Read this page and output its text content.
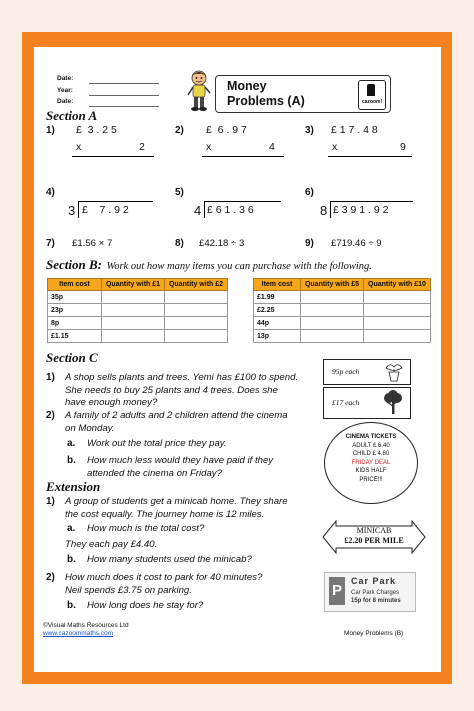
Date:
Year:
Date:
Money
Problems (A)	cazoom!
Section A
1) £  3 . 2 5
x	2
2) £  6 . 9 7
x	4
3) £ 1 7 . 4 8
x	9
4)
3 £    7 . 9 2
5)
4 £ 6 1 . 3 6
6)
8 £ 3 9 1 . 9 2
7) £1.56 × 7	8) £42.18 ÷ 3	9) £719.46 ÷ 9
Section B: Work out how many items you can purchase with the following.
Item cost	Quantity with £1	Quantity with £2
35p		
23p		
8p		
£1.15		
Item cost	Quantity with £5	Quantity with £10
£1.99		
£2.25		
44p		
13p		
Section C
1) A shop sells plants and trees. Yemi has £100 to spend.
She needs to buy 25 plants and 4 trees. Does she
have enough money?
2) A family of 2 adults and 2 children attend the cinema
on Monday.
a. Work out the total price they pay.
b. How much less would they have paid if they
attended the cinema on Friday?
95p each
£17 each
CINEMA TICKETS
ADULT £ 6.40
CHILD £ 4.80
FRIDAY DEAL
KIDS HALF
PRICE!!!
Extension
1) A group of students get a minicab home. They share
the cost equally. The journey home is 12 miles.
a. How much is the total cost?
They each pay £4.40.
b. How many students used the minicab?
2) How much does it cost to park for 40 minutes?
Neil spends £3.75 on parking.
b. How long does he stay for?
MINICAB
£2.20 PER MILE
P
Car Park
Car Park Charges
15p for 8 minutes
©Visual Maths Resources Ltd
www.cazoommaths.com	Money Problems (B)
